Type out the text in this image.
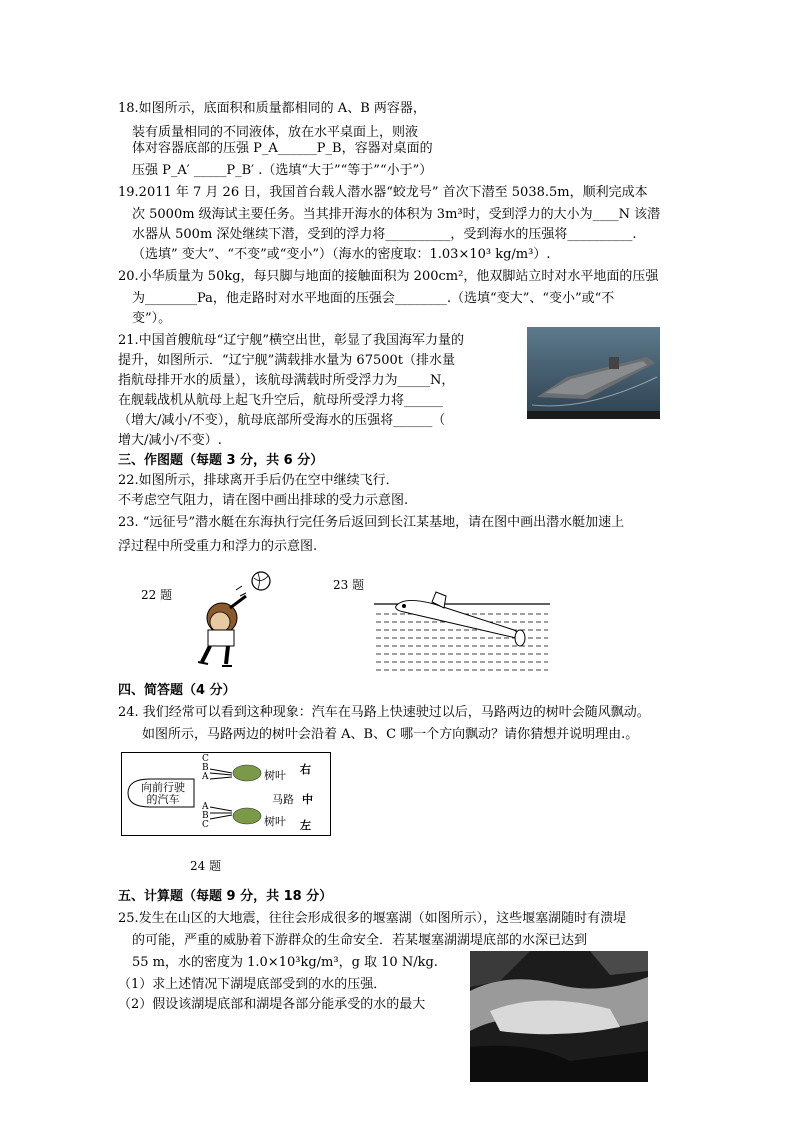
18.如图所示，底面积和质量都相同的 A、B 两容器，
装有质量相同的不同液体，放在水平桌面上，则液
体对容器底部的压强 P_A______P_B，容器对桌面的
压强 P_A′ _____P_B′ .（选填“大于”“等于”“小于”）
19.2011 年 7 月 26 日，我国首台载人潜水器“蛟龙号” 首次下潜至 5038.5m，顺利完成本
次 5000m 级海试主要任务。当其排开海水的体积为 3m³时，受到浮力的大小为____N 该潜
水器从 500m 深处继续下潜，受到的浮力将__________，受到海水的压强将__________.
（选填” 变大”、“不变”或“变小”）（海水的密度取：1.03×10³ kg/m³）.
20.小华质量为 50kg，每只脚与地面的接触面积为 200cm²，他双脚站立时对水平地面的压强
为________Pa，他走路时对水平地面的压强会________.（选填“变大”、“变小”或“不
变”）。
21.中国首艘航母“辽宁舰”横空出世，彰显了我国海军力量的
提升，如图所示．“辽宁舰”满载排水量为 67500t（排水量
指航母排开水的质量），该航母满载时所受浮力为_____N，
在舰载战机从航母上起飞升空后，航母所受浮力将______
（增大/减小/不变），航母底部所受海水的压强将______（
增大/减小/不变）.
三、作图题（每题 3 分，共 6 分）
22.如图所示，排球离开手后仍在空中继续飞行．
不考虑空气阻力，请在图中画出排球的受力示意图.
23. “远征号”潜水艇在东海执行完任务后返回到长江某基地，请在图中画出潜水艇加速上
浮过程中所受重力和浮力的示意图.
22 题
23 题
四、简答题（4 分）
24. 我们经常可以看到这种现象：汽车在马路上快速驶过以后，马路两边的树叶会随风飘动。
如图所示，马路两边的树叶会沿着 A、B、C 哪一个方向飘动？请你猜想并说明理由.。
向前行驶
的汽车
C
B
A
A
B
C
树叶
树叶
马路
右
中
左
24 题
五、计算题（每题 9 分，共 18 分）
25.发生在山区的大地震，往往会形成很多的堰塞湖（如图所示），这些堰塞湖随时有溃堤
的可能，严重的威胁着下游群众的生命安全．若某堰塞湖湖堤底部的水深已达到
55 m，水的密度为 1.0×10³kg/m³，g 取 10 N/kg.
（1）求上述情况下湖堤底部受到的水的压强．
（2）假设该湖堤底部和湖堤各部分能承受的水的最大
